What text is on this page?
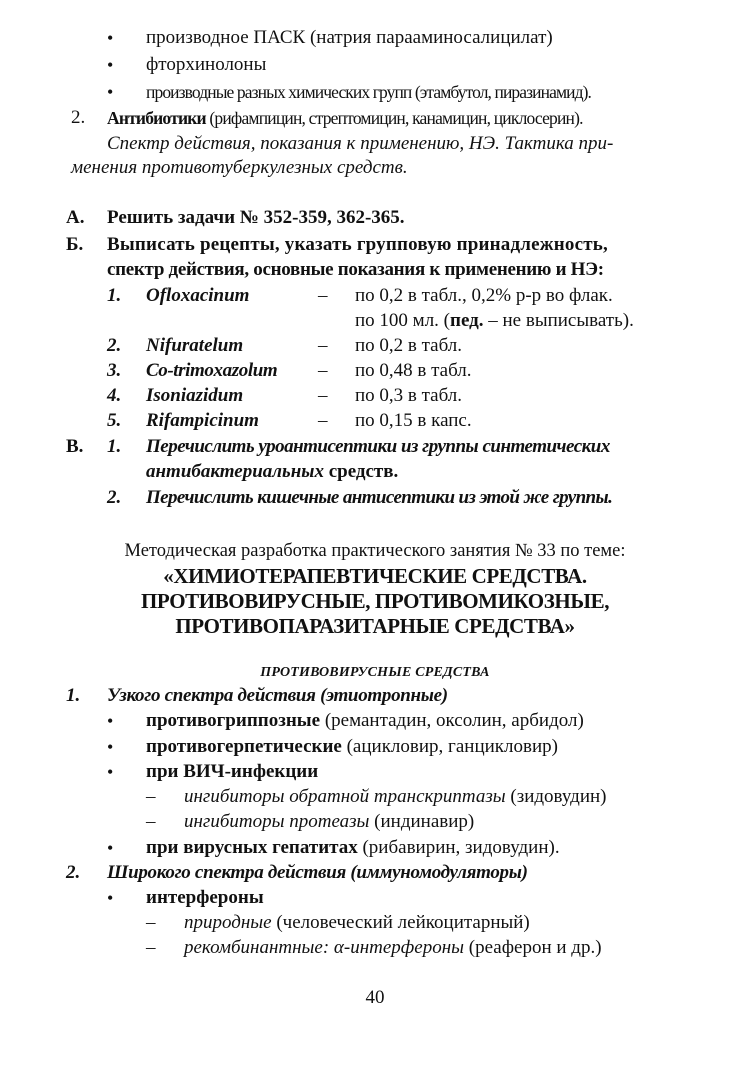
• производное ПАСК (натрия парааминосалицилат)
• фторхинолоны
• производные разных химических групп (этамбутол, пиразинамид).
2. Антибиотики (рифампицин, стрептомицин, канамицин, циклосерин).
Спектр действия, показания к применению, НЭ. Тактика при-
менения противотуберкулезных средств.
А. Решить задачи № 352-359, 362-365.
Б. Выписать рецепты, указать групповую принадлежность,
спектр действия, основные показания к применению и НЭ:
1. Ofloxacinum	– по 0,2 в табл., 0,2% р-р во флак.
по 100 мл. (пед. – не выписывать).
2. Nifuratelum	– по 0,2 в табл.
3. Co-trimoxazolum – по 0,48 в табл.
4. Isoniazidum	– по 0,3 в табл.
5. Rifampicinum	– по 0,15 в капс.
В. 1. Перечислить уроантисептики из группы синтетических
антибактериальных средств.
2. Перечислить кишечные антисептики из этой же группы.
Методическая разработка практического занятия № 33 по теме:
«ХИМИОТЕРАПЕВТИЧЕСКИЕ СРЕДСТВА.
ПРОТИВОВИРУСНЫЕ, ПРОТИВОМИКОЗНЫЕ,
ПРОТИВОПАРАЗИТАРНЫЕ СРЕДСТВА»
ПРОТИВОВИРУСНЫЕ СРЕДСТВА
1. Узкого спектра действия (этиотропные)
• противогриппозные (ремантадин, оксолин, арбидол)
• противогерпетические (ацикловир, ганцикловир)
• при ВИЧ-инфекции
– ингибиторы обратной транскриптазы (зидовудин)
– ингибиторы протеазы (индинавир)
• при вирусных гепатитах (рибавирин, зидовудин).
2. Широкого спектра действия (иммуномодуляторы)
• интерфероны
– природные (человеческий лейкоцитарный)
– рекомбинантные: α-интерфероны (реаферон и др.)
40
